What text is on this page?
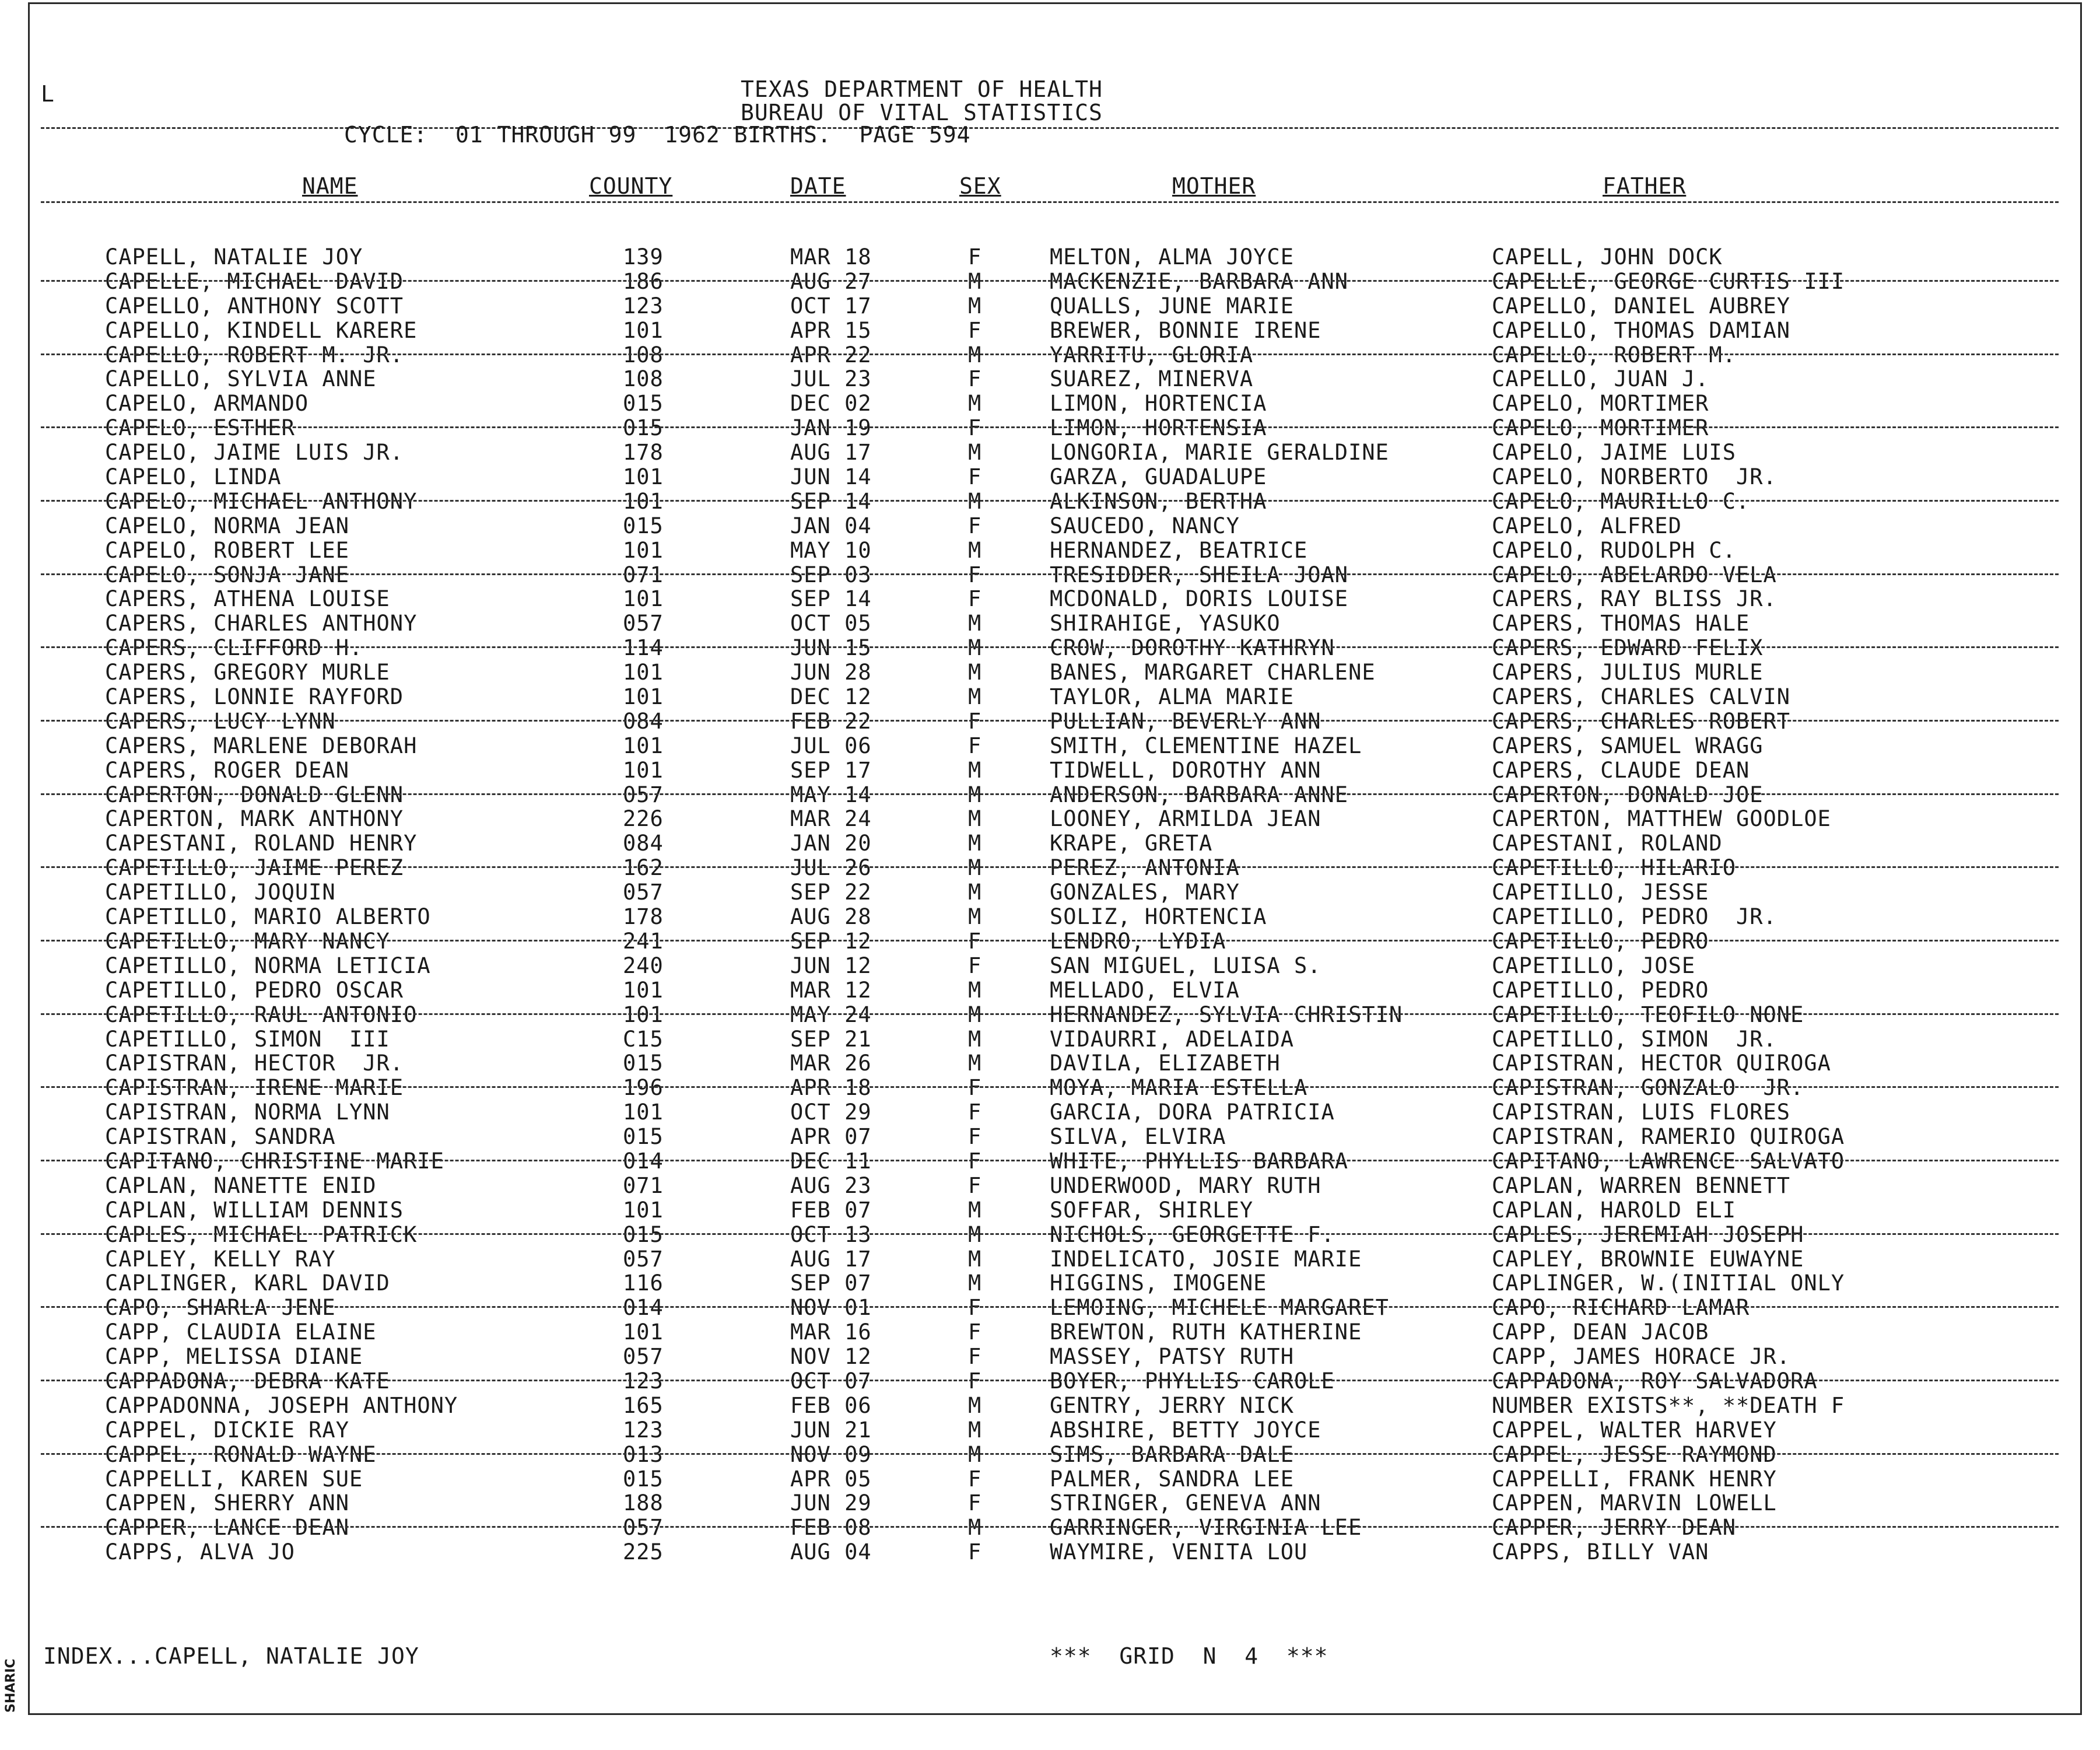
SHARIC
L	TEXAS DEPARTMENT OF HEALTH
BUREAU OF VITAL STATISTICS
CYCLE:  01 THROUGH 99  1962 BIRTHS.  PAGE 594
NAME	COUNTY	DATE	SEX	MOTHER	FATHER
CAPELL, NATALIE JOY	139	MAR 18	F	MELTON, ALMA JOYCE	CAPELL, JOHN DOCK
CAPELLE, MICHAEL DAVID	186	AUG 27	M	MACKENZIE, BARBARA ANN	CAPELLE, GEORGE CURTIS III
CAPELLO, ANTHONY SCOTT	123	OCT 17	M	QUALLS, JUNE MARIE	CAPELLO, DANIEL AUBREY
CAPELLO, KINDELL KARERE	101	APR 15	F	BREWER, BONNIE IRENE	CAPELLO, THOMAS DAMIAN
CAPELLO, ROBERT M. JR.	108	APR 22	M	YARRITU, GLORIA	CAPELLO, ROBERT M.
CAPELLO, SYLVIA ANNE	108	JUL 23	F	SUAREZ, MINERVA	CAPELLO, JUAN J.
CAPELO, ARMANDO	015	DEC 02	M	LIMON, HORTENCIA	CAPELO, MORTIMER
CAPELO, ESTHER	015	JAN 19	F	LIMON, HORTENSIA	CAPELO, MORTIMER
CAPELO, JAIME LUIS JR.	178	AUG 17	M	LONGORIA, MARIE GERALDINE	CAPELO, JAIME LUIS
CAPELO, LINDA	101	JUN 14	F	GARZA, GUADALUPE	CAPELO, NORBERTO  JR.
CAPELO, MICHAEL ANTHONY	101	SEP 14	M	ALKINSON, BERTHA	CAPELO, MAURILLO C.
CAPELO, NORMA JEAN	015	JAN 04	F	SAUCEDO, NANCY	CAPELO, ALFRED
CAPELO, ROBERT LEE	101	MAY 10	M	HERNANDEZ, BEATRICE	CAPELO, RUDOLPH C.
CAPELO, SONJA JANE	071	SEP 03	F	TRESIDDER, SHEILA JOAN	CAPELO, ABELARDO VELA
CAPERS, ATHENA LOUISE	101	SEP 14	F	MCDONALD, DORIS LOUISE	CAPERS, RAY BLISS JR.
CAPERS, CHARLES ANTHONY	057	OCT 05	M	SHIRAHIGE, YASUKO	CAPERS, THOMAS HALE
CAPERS, CLIFFORD H.	114	JUN 15	M	CROW, DOROTHY KATHRYN	CAPERS, EDWARD FELIX
CAPERS, GREGORY MURLE	101	JUN 28	M	BANES, MARGARET CHARLENE	CAPERS, JULIUS MURLE
CAPERS, LONNIE RAYFORD	101	DEC 12	M	TAYLOR, ALMA MARIE	CAPERS, CHARLES CALVIN
CAPERS, LUCY LYNN	084	FEB 22	F	PULLIAN, BEVERLY ANN	CAPERS, CHARLES ROBERT
CAPERS, MARLENE DEBORAH	101	JUL 06	F	SMITH, CLEMENTINE HAZEL	CAPERS, SAMUEL WRAGG
CAPERS, ROGER DEAN	101	SEP 17	M	TIDWELL, DOROTHY ANN	CAPERS, CLAUDE DEAN
CAPERTON, DONALD GLENN	057	MAY 14	M	ANDERSON, BARBARA ANNE	CAPERTON, DONALD JOE
CAPERTON, MARK ANTHONY	226	MAR 24	M	LOONEY, ARMILDA JEAN	CAPERTON, MATTHEW GOODLOE
CAPESTANI, ROLAND HENRY	084	JAN 20	M	KRAPE, GRETA	CAPESTANI, ROLAND
CAPETILLO, JAIME PEREZ	162	JUL 26	M	PEREZ, ANTONIA	CAPETILLO, HILARIO
CAPETILLO, JOQUIN	057	SEP 22	M	GONZALES, MARY	CAPETILLO, JESSE
CAPETILLO, MARIO ALBERTO	178	AUG 28	M	SOLIZ, HORTENCIA	CAPETILLO, PEDRO  JR.
CAPETILLO, MARY NANCY	241	SEP 12	F	LENDRO, LYDIA	CAPETILLO, PEDRO
CAPETILLO, NORMA LETICIA	240	JUN 12	F	SAN MIGUEL, LUISA S.	CAPETILLO, JOSE
CAPETILLO, PEDRO OSCAR	101	MAR 12	M	MELLADO, ELVIA	CAPETILLO, PEDRO
CAPETILLO, RAUL ANTONIO	101	MAY 24	M	HERNANDEZ, SYLVIA CHRISTIN	CAPETILLO, TEOFILO NONE
CAPETILLO, SIMON  III	C15	SEP 21	M	VIDAURRI, ADELAIDA	CAPETILLO, SIMON  JR.
CAPISTRAN, HECTOR  JR.	015	MAR 26	M	DAVILA, ELIZABETH	CAPISTRAN, HECTOR QUIROGA
CAPISTRAN, IRENE MARIE	196	APR 18	F	MOYA, MARIA ESTELLA	CAPISTRAN, GONZALO  JR.
CAPISTRAN, NORMA LYNN	101	OCT 29	F	GARCIA, DORA PATRICIA	CAPISTRAN, LUIS FLORES
CAPISTRAN, SANDRA	015	APR 07	F	SILVA, ELVIRA	CAPISTRAN, RAMERIO QUIROGA
CAPITANO, CHRISTINE MARIE	014	DEC 11	F	WHITE, PHYLLIS BARBARA	CAPITANO, LAWRENCE SALVATO
CAPLAN, NANETTE ENID	071	AUG 23	F	UNDERWOOD, MARY RUTH	CAPLAN, WARREN BENNETT
CAPLAN, WILLIAM DENNIS	101	FEB 07	M	SOFFAR, SHIRLEY	CAPLAN, HAROLD ELI
CAPLES, MICHAEL PATRICK	015	OCT 13	M	NICHOLS, GEORGETTE F.	CAPLES, JEREMIAH JOSEPH
CAPLEY, KELLY RAY	057	AUG 17	M	INDELICATO, JOSIE MARIE	CAPLEY, BROWNIE EUWAYNE
CAPLINGER, KARL DAVID	116	SEP 07	M	HIGGINS, IMOGENE	CAPLINGER, W.(INITIAL ONLY
CAPO, SHARLA JENE	014	NOV 01	F	LEMOING, MICHELE MARGARET	CAPO, RICHARD LAMAR
CAPP, CLAUDIA ELAINE	101	MAR 16	F	BREWTON, RUTH KATHERINE	CAPP, DEAN JACOB
CAPP, MELISSA DIANE	057	NOV 12	F	MASSEY, PATSY RUTH	CAPP, JAMES HORACE JR.
CAPPADONA, DEBRA KATE	123	OCT 07	F	BOYER, PHYLLIS CAROLE	CAPPADONA, ROY SALVADORA
CAPPADONNA, JOSEPH ANTHONY	165	FEB 06	M	GENTRY, JERRY NICK	NUMBER EXISTS**, **DEATH F
CAPPEL, DICKIE RAY	123	JUN 21	M	ABSHIRE, BETTY JOYCE	CAPPEL, WALTER HARVEY
CAPPEL, RONALD WAYNE	013	NOV 09	M	SIMS, BARBARA DALE	CAPPEL, JESSE RAYMOND
CAPPELLI, KAREN SUE	015	APR 05	F	PALMER, SANDRA LEE	CAPPELLI, FRANK HENRY
CAPPEN, SHERRY ANN	188	JUN 29	F	STRINGER, GENEVA ANN	CAPPEN, MARVIN LOWELL
CAPPER, LANCE DEAN	057	FEB 08	M	GARRINGER, VIRGINIA LEE	CAPPER, JERRY DEAN
CAPPS, ALVA JO	225	AUG 04	F	WAYMIRE, VENITA LOU	CAPPS, BILLY VAN
INDEX...CAPELL, NATALIE JOY	***  GRID  N  4  ***
